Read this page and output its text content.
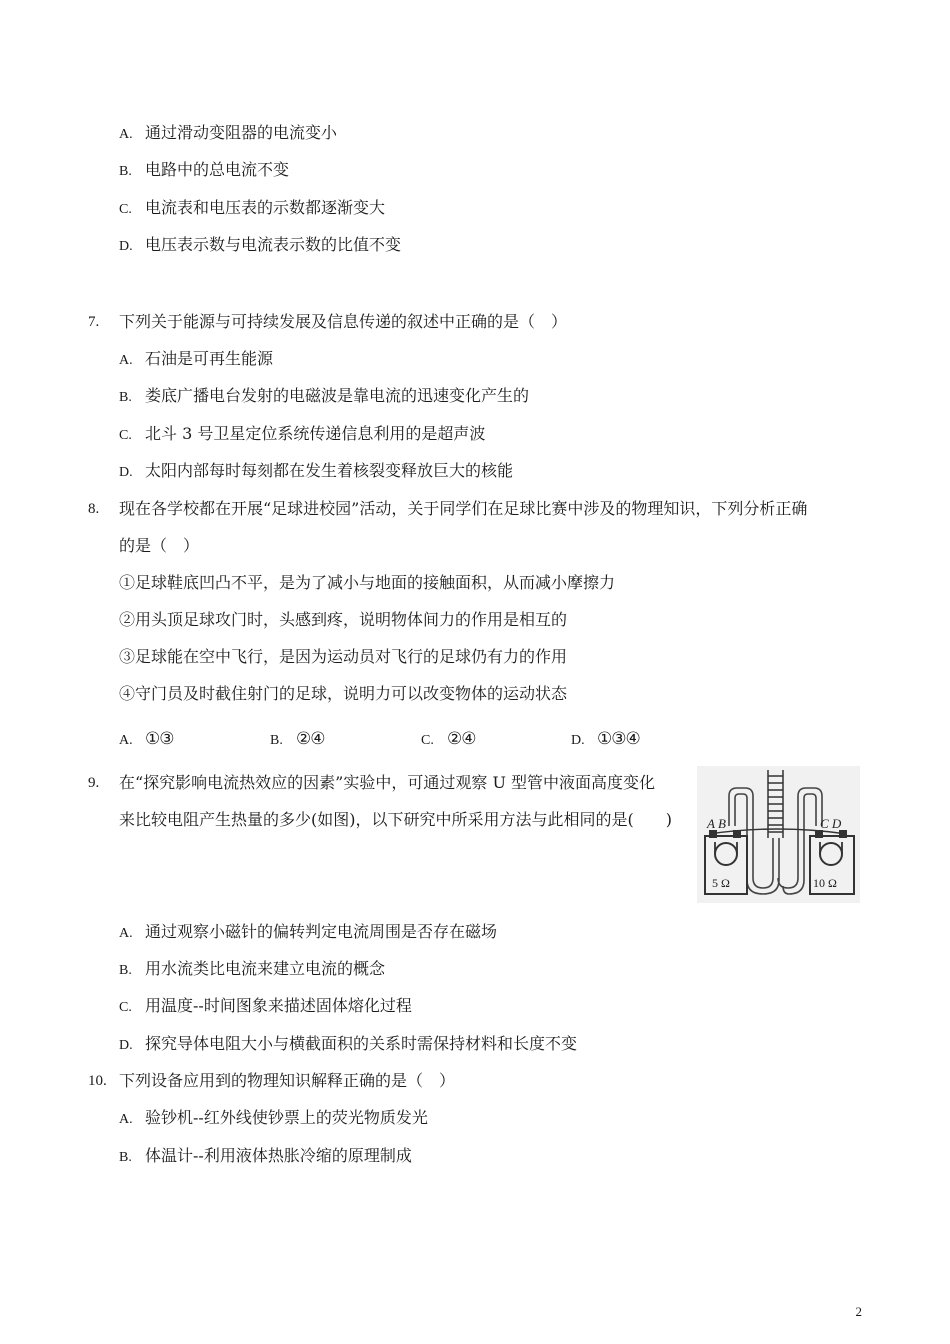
A. 通过滑动变阻器的电流变小
B. 电路中的总电流不变
C. 电流表和电压表的示数都逐渐变大
D. 电压表示数与电流表示数的比值不变
7. 下列关于能源与可持续发展及信息传递的叙述中正确的是（　）
A. 石油是可再生能源
B. 娄底广播电台发射的电磁波是靠电流的迅速变化产生的
C. 北斗 3 号卫星定位系统传递信息利用的是超声波
D. 太阳内部每时每刻都在发生着核裂变释放巨大的核能
8. 现在各学校都在开展“足球进校园”活动，关于同学们在足球比赛中涉及的物理知识，下列分析正确
的是（　）
①足球鞋底凹凸不平，是为了减小与地面的接触面积，从而减小摩擦力
②用头顶足球攻门时，头感到疼，说明物体间力的作用是相互的
③足球能在空中飞行，是因为运动员对飞行的足球仍有力的作用
④守门员及时截住射门的足球，说明力可以改变物体的运动状态
A. ①③	B. ②④	C. ②④	D. ①③④
9. 在“探究影响电流热效应的因素”实验中，可通过观察 U 型管中液面高度变化
来比较电阻产生热量的多少(如图)，以下研究中所采用方法与此相同的是(　　)	A B	C D
5 Ω	10 Ω
A. 通过观察小磁针的偏转判定电流周围是否存在磁场
B. 用水流类比电流来建立电流的概念
C. 用温度--时间图象来描述固体熔化过程
D. 探究导体电阻大小与横截面积的关系时需保持材料和长度不变
10. 下列设备应用到的物理知识解释正确的是（　）
A. 验钞机--红外线使钞票上的荧光物质发光
B. 体温计--利用液体热胀冷缩的原理制成
2
